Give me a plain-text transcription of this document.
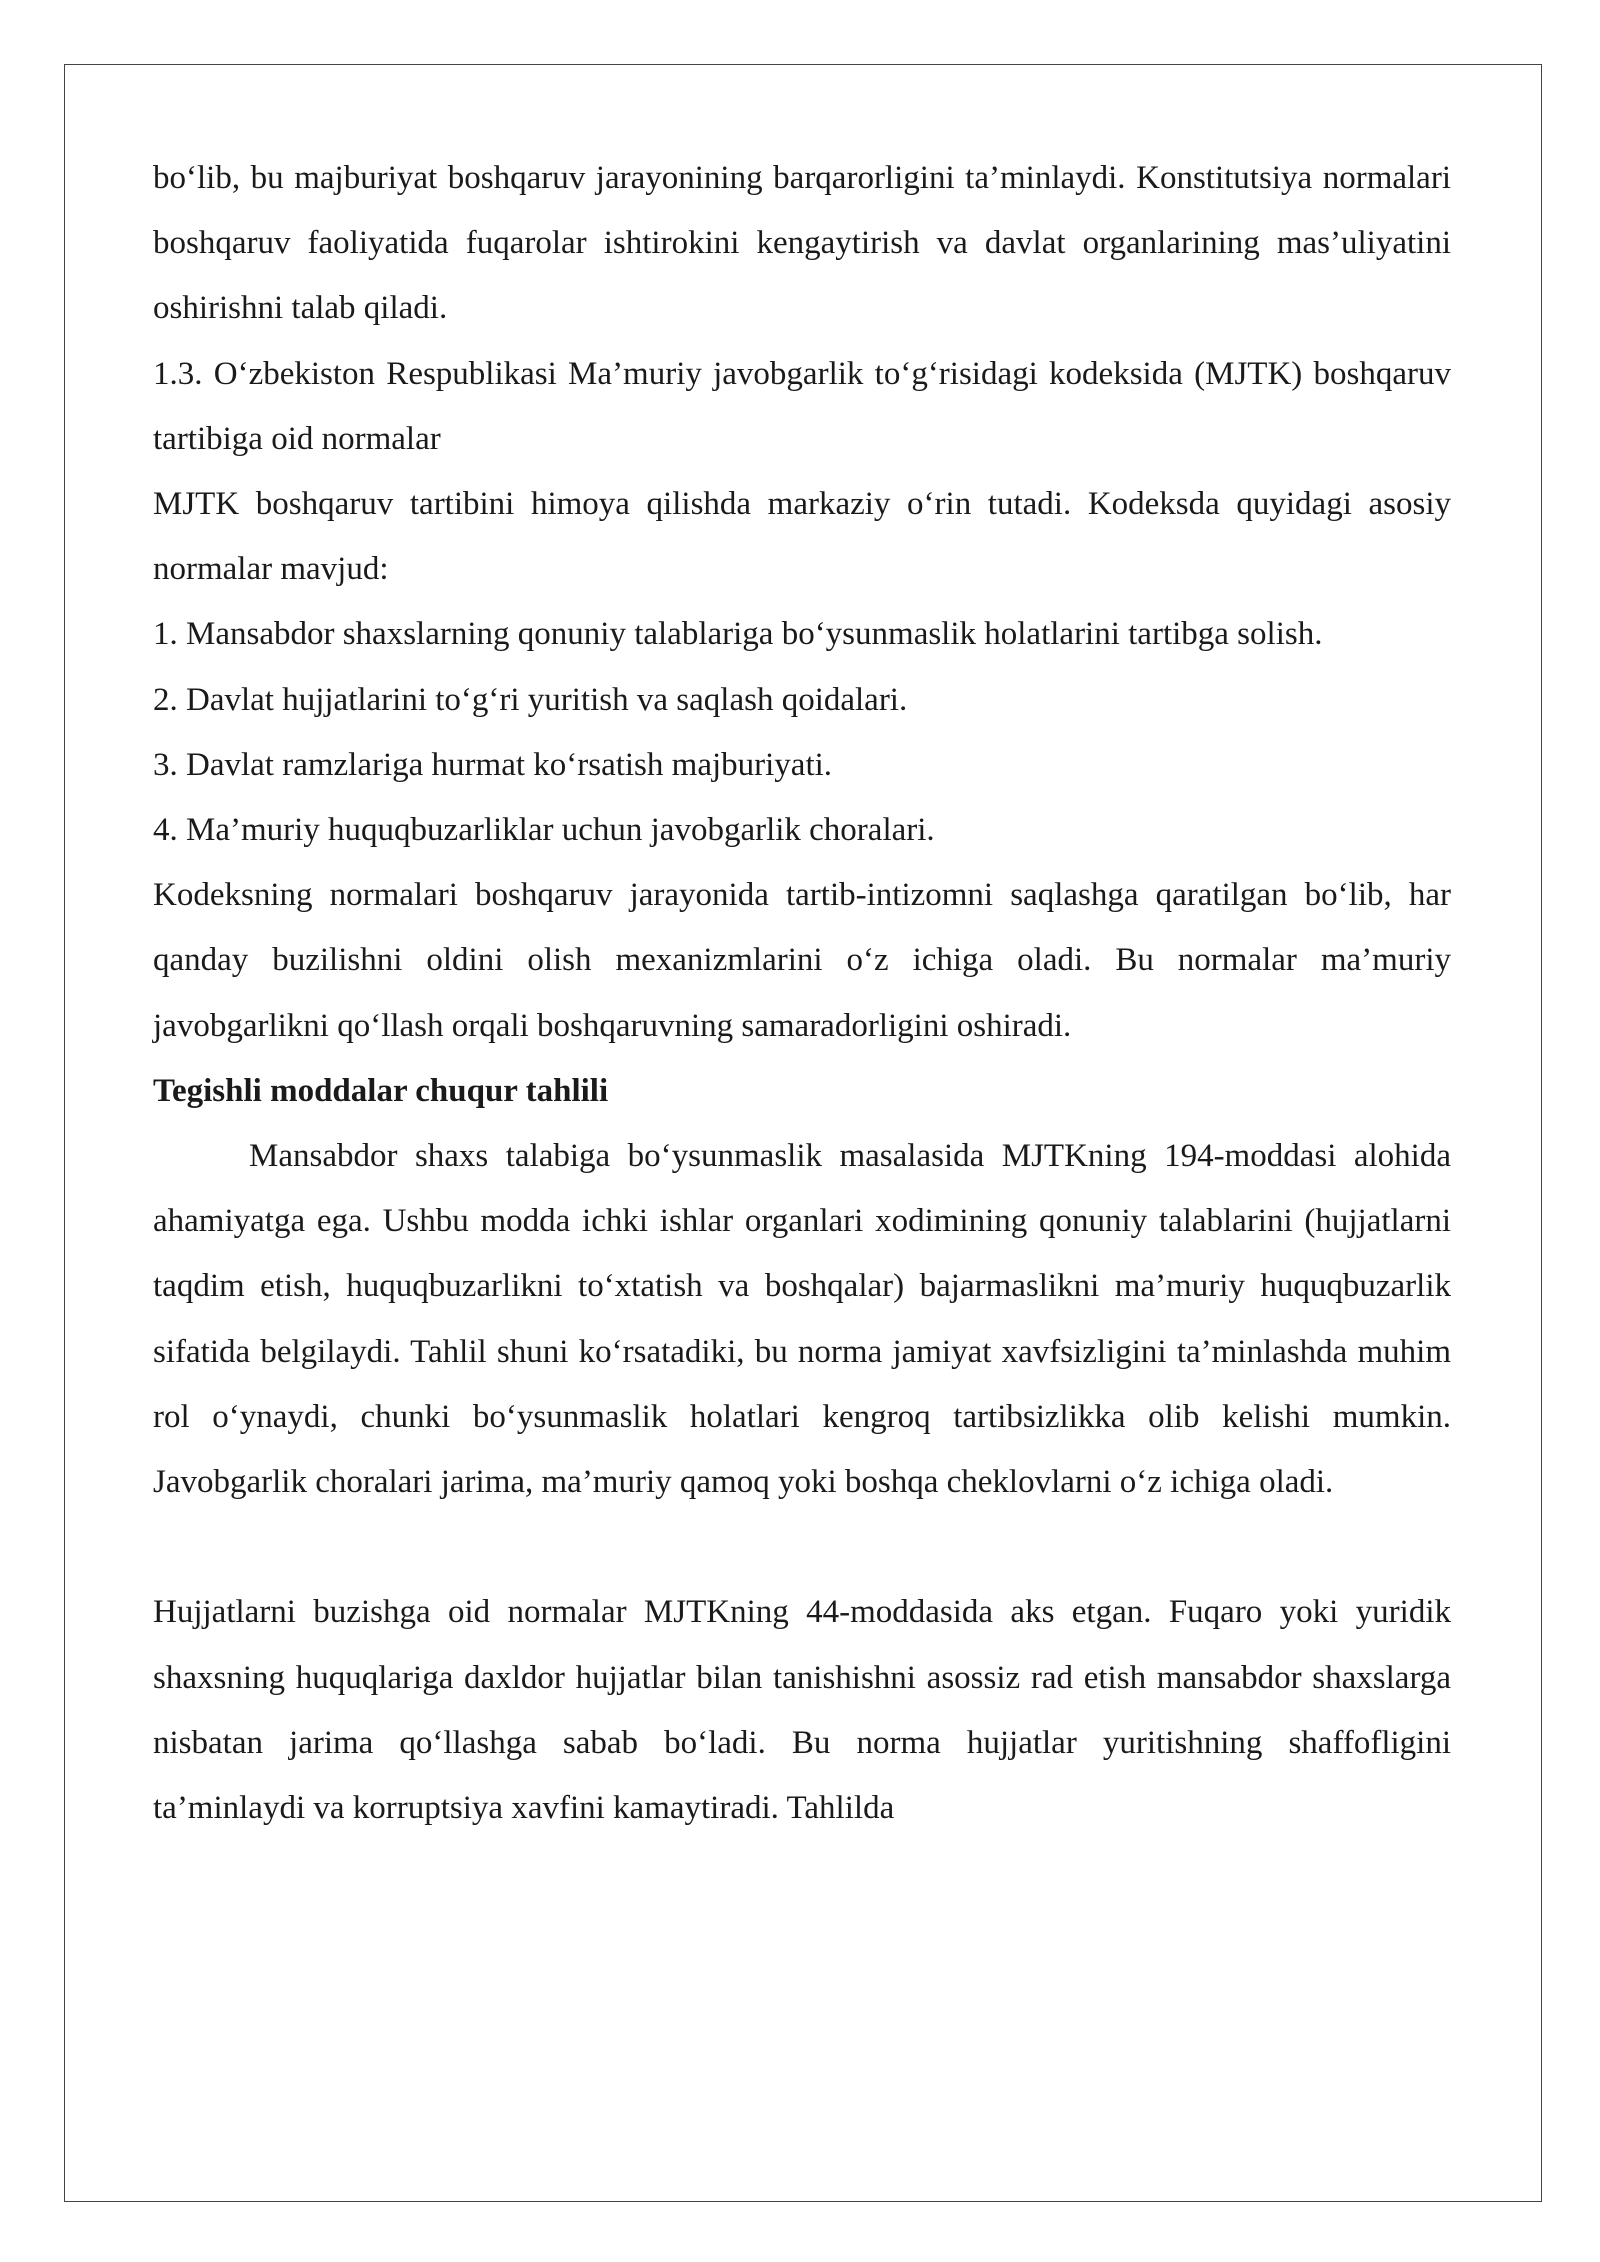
bo‘lib, bu majburiyat boshqaruv jarayonining barqarorligini ta’minlaydi. Konstitutsiya normalari boshqaruv faoliyatida fuqarolar ishtirokini kengaytirish va davlat organlarining mas’uliyatini oshirishni talab qiladi.

1.3. O‘zbekiston Respublikasi Ma’muriy javobgarlik to‘g‘risidagi kodeksida (MJTK) boshqaruv tartibiga oid normalar

MJTK boshqaruv tartibini himoya qilishda markaziy o‘rin tutadi. Kodeksda quyidagi asosiy normalar mavjud:

1. Mansabdor shaxslarning qonuniy talablariga bo‘ysunmaslik holatlarini tartibga solish.

2. Davlat hujjatlarini to‘g‘ri yuritish va saqlash qoidalari.

3. Davlat ramzlariga hurmat ko‘rsatish majburiyati.

4. Ma’muriy huquqbuzarliklar uchun javobgarlik choralari.

Kodeksning normalari boshqaruv jarayonida tartib-intizomni saqlashga qaratilgan bo‘lib, har qanday buzilishni oldini olish mexanizmlarini o‘z ichiga oladi. Bu normalar ma’muriy javobgarlikni qo‘llash orqali boshqaruvning samaradorligini oshiradi.

Tegishli moddalar chuqur tahlili

Mansabdor shaxs talabiga bo‘ysunmaslik masalasida MJTKning 194-moddasi alohida ahamiyatga ega. Ushbu modda ichki ishlar organlari xodimining qonuniy talablarini (hujjatlarni taqdim etish, huquqbuzarlikni to‘xtatish va boshqalar) bajarmaslikni ma’muriy huquqbuzarlik sifatida belgilaydi. Tahlil shuni ko‘rsatadiki, bu norma jamiyat xavfsizligini ta’minlashda muhim rol o‘ynaydi, chunki bo‘ysunmaslik holatlari kengroq tartibsizlikka olib kelishi mumkin. Javobgarlik choralari jarima, ma’muriy qamoq yoki boshqa cheklovlarni o‘z ichiga oladi.

Hujjatlarni buzishga oid normalar MJTKning 44-moddasida aks etgan. Fuqaro yoki yuridik shaxsning huquqlariga daxldor hujjatlar bilan tanishishni asossiz rad etish mansabdor shaxslarga nisbatan jarima qo‘llashga sabab bo‘ladi. Bu norma hujjatlar yuritishning shaffofligini ta’minlaydi va korruptsiya xavfini kamaytiradi. Tahlilda
